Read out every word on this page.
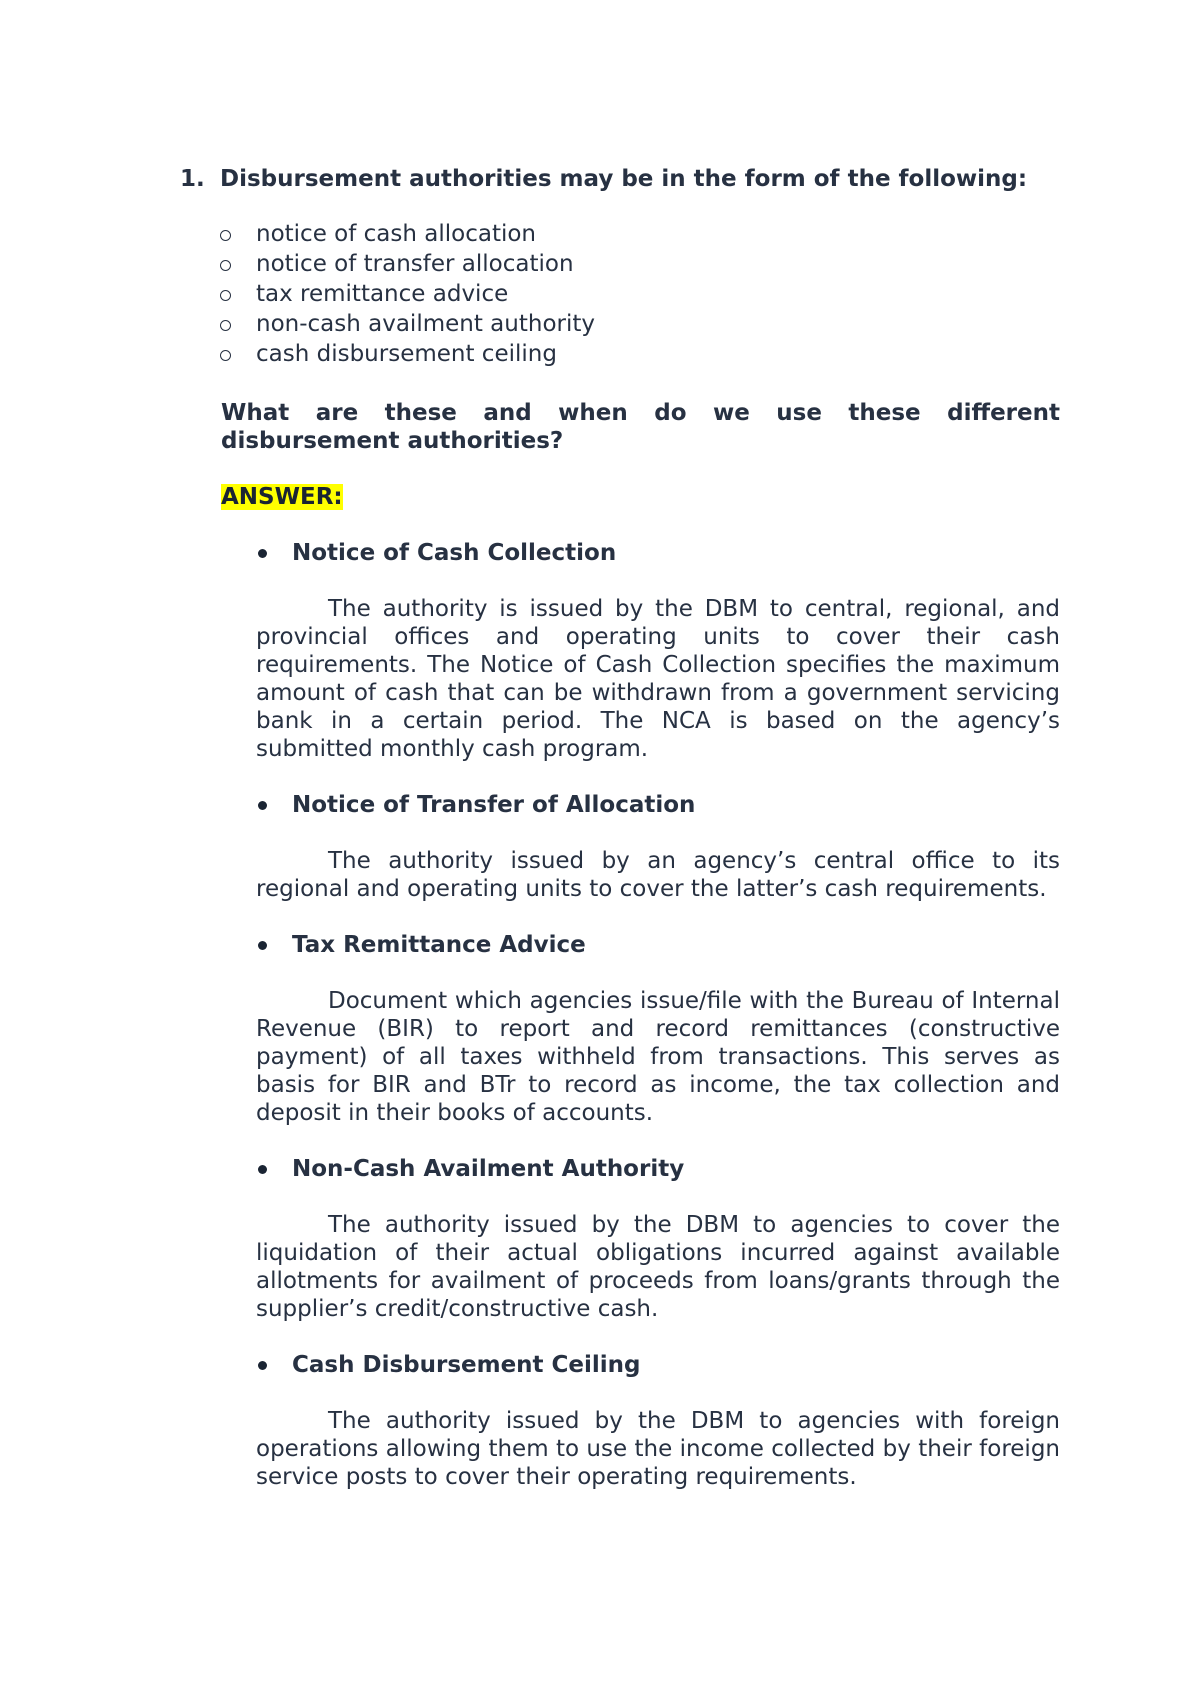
1. Disbursement authorities may be in the form of the following:
notice of cash allocation
notice of transfer allocation
tax remittance advice
non-cash availment authority
cash disbursement ceiling
What are these and when do we use these different disbursement authorities?
ANSWER:
Notice of Cash Collection
The authority is issued by the DBM to central, regional, and provincial offices and operating units to cover their cash requirements. The Notice of Cash Collection specifies the maximum amount of cash that can be withdrawn from a government servicing bank in a certain period. The NCA is based on the agency’s submitted monthly cash program.
Notice of Transfer of Allocation
The authority issued by an agency’s central office to its regional and operating units to cover the latter’s cash requirements.
Tax Remittance Advice
Document which agencies issue/file with the Bureau of Internal Revenue (BIR) to report and record remittances (constructive payment) of all taxes withheld from transactions. This serves as basis for BIR and BTr to record as income, the tax collection and deposit in their books of accounts.
Non-Cash Availment Authority
The authority issued by the DBM to agencies to cover the liquidation of their actual obligations incurred against available allotments for availment of proceeds from loans/grants through the supplier’s credit/constructive cash.
Cash Disbursement Ceiling
The authority issued by the DBM to agencies with foreign operations allowing them to use the income collected by their foreign service posts to cover their operating requirements.
